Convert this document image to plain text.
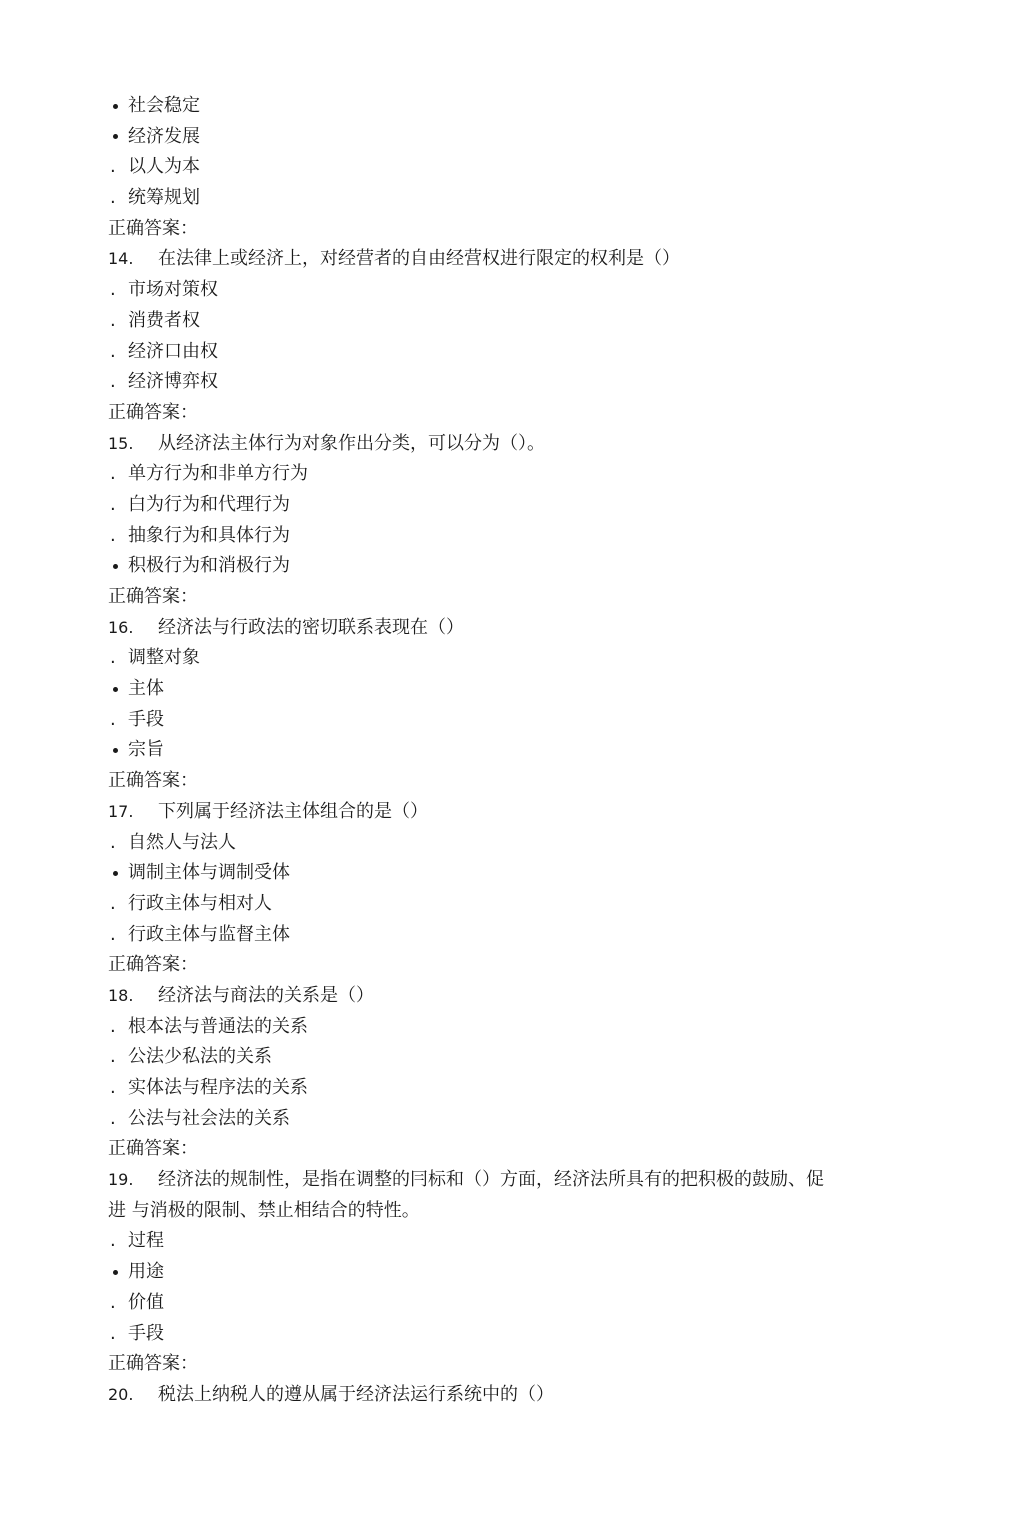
社会稳定
经济发展
.
以人为本
.
统筹规划
正确答案：
14.	在法律上或经济上，对经营者的自由经营权进行限定的权利是（）
.
市场对策权
.
消费者权
.
经济口由权
.
经济博弈权
正确答案：
15.	从经济法主体行为对象作出分类，可以分为（）。
.
单方行为和非单方行为
.
白为行为和代理行为
.
抽象行为和具体行为
积极行为和消极行为
正确答案：
16.	经济法与行政法的密切联系表现在（）
.
调整对象
主体
.
手段
宗旨
正确答案：
17.	下列属于经济法主体组合的是（）
.
自然人与法人
调制主体与调制受体
.
行政主体与相对人
.
行政主体与监督主体
正确答案：
18.	经济法与商法的关系是（）
.
根本法与普通法的关系
.
公法少私法的关系
.
实体法与程序法的关系
.
公法与社会法的关系
正确答案：
19.	经济法的规制性，是指在调整的冃标和（）方面，经济法所具有的把积极的鼓励、促
进 与消极的限制、禁止相结合的特性。
.
过程
用途
.
价值
.
手段
正确答案：
20.	税法上纳税人的遵从属于经济法运行系统中的（）
